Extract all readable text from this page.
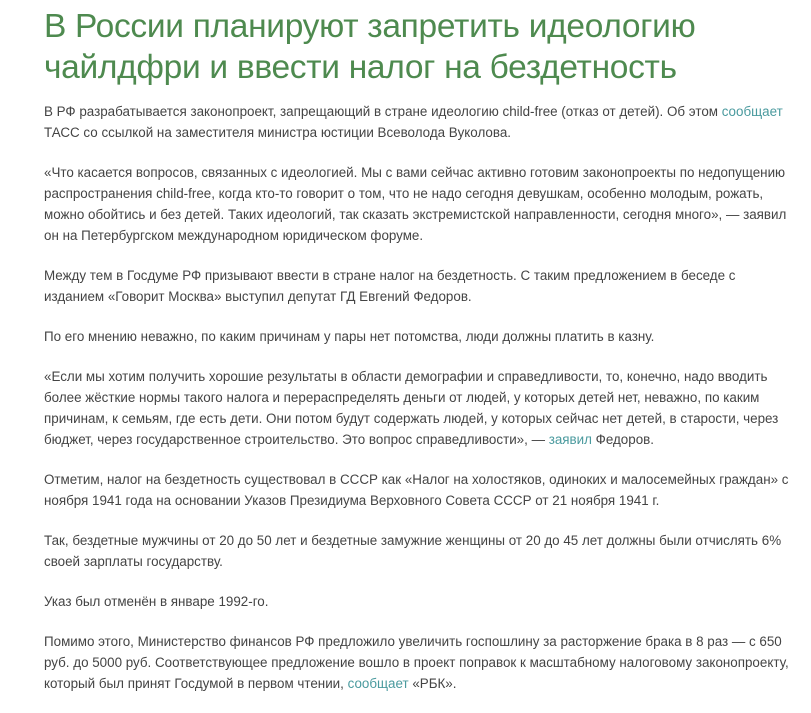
В России планируют запретить идеологию чайлдфри и ввести налог на бездетность

В РФ разрабатывается законопроект, запрещающий в стране идеологию child-free (отказ от детей). Об этом сообщает ТАСС со ссылкой на заместителя министра юстиции Всеволода Вуколова.

«Что касается вопросов, связанных с идеологией. Мы с вами сейчас активно готовим законопроекты по недопущению распространения child-free, когда кто-то говорит о том, что не надо сегодня девушкам, особенно молодым, рожать, можно обойтись и без детей. Таких идеологий, так сказать экстремистской направленности, сегодня много», — заявил он на Петербургском международном юридическом форуме.

Между тем в Госдуме РФ призывают ввести в стране налог на бездетность. С таким предложением в беседе с изданием «Говорит Москва» выступил депутат ГД Евгений Федоров.

По его мнению неважно, по каким причинам у пары нет потомства, люди должны платить в казну.

«Если мы хотим получить хорошие результаты в области демографии и справедливости, то, конечно, надо вводить более жёсткие нормы такого налога и перераспределять деньги от людей, у которых детей нет, неважно, по каким причинам, к семьям, где есть дети. Они потом будут содержать людей, у которых сейчас нет детей, в старости, через бюджет, через государственное строительство. Это вопрос справедливости», — заявил Федоров.

Отметим, налог на бездетность существовал в СССР как «Налог на холостяков, одиноких и малосемейных граждан» с ноября 1941 года на основании Указов Президиума Верховного Совета СССР от 21 ноября 1941 г.

Так, бездетные мужчины от 20 до 50 лет и бездетные замужние женщины от 20 до 45 лет должны были отчислять 6% своей зарплаты государству.

Указ был отменён в январе 1992-го.

Помимо этого, Министерство финансов РФ предложило увеличить госпошлину за расторжение брака в 8 раз — с 650 руб. до 5000 руб. Соответствующее предложение вошло в проект поправок к масштабному налоговому законопроекту, который был принят Госдумой в первом чтении, сообщает «РБК».
